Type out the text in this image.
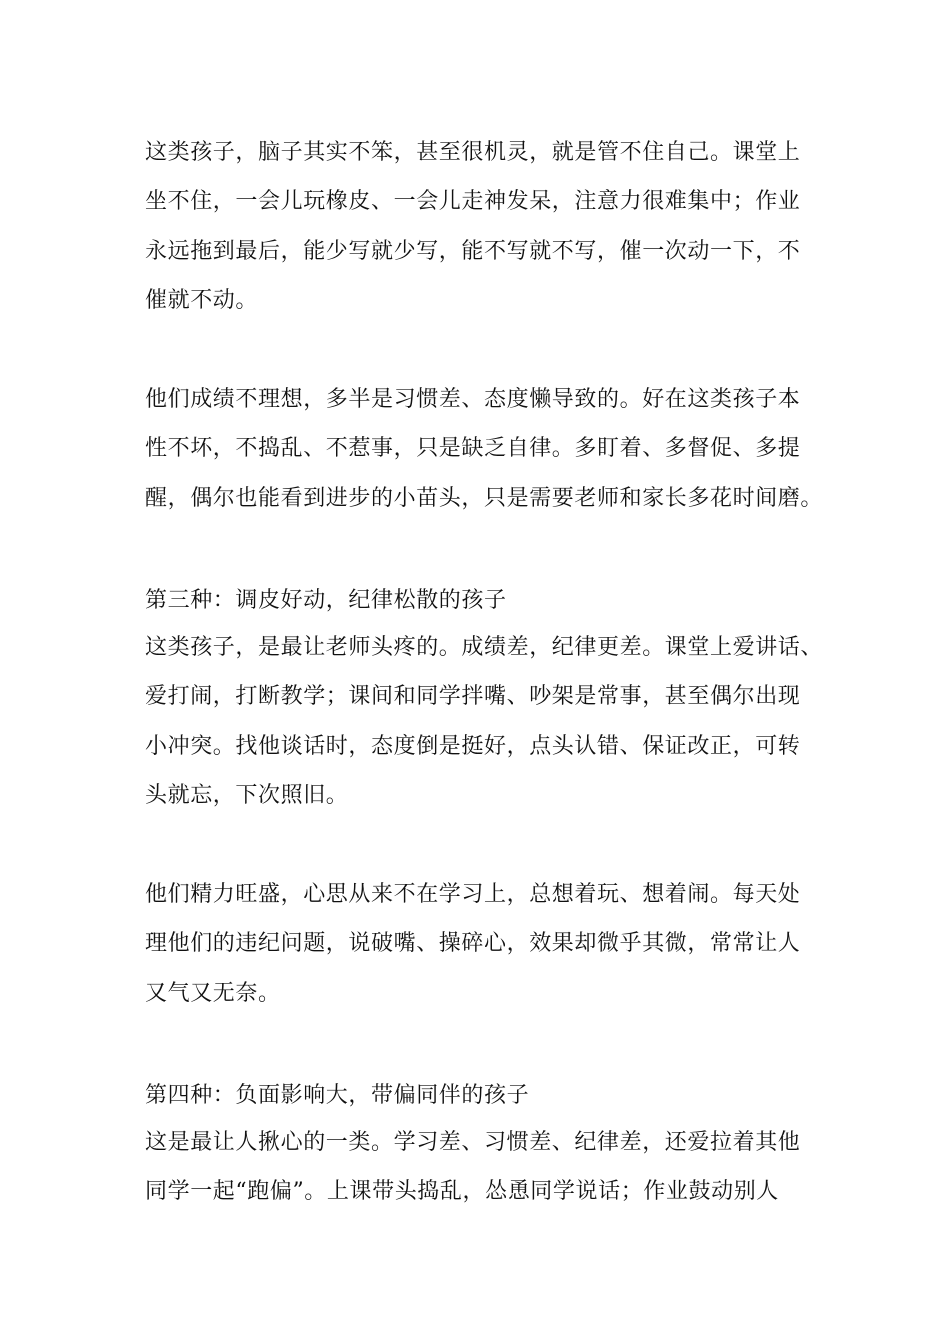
这类孩子，脑子其实不笨，甚至很机灵，就是管不住自己。课堂上
坐不住，一会儿玩橡皮、一会儿走神发呆，注意力很难集中；作业
永远拖到最后，能少写就少写，能不写就不写，催一次动一下，不
催就不动。
他们成绩不理想，多半是习惯差、态度懒导致的。好在这类孩子本
性不坏，不捣乱、不惹事，只是缺乏自律。多盯着、多督促、多提
醒，偶尔也能看到进步的小苗头，只是需要老师和家长多花时间磨。
第三种：调皮好动，纪律松散的孩子
这类孩子，是最让老师头疼的。成绩差，纪律更差。课堂上爱讲话、
爱打闹，打断教学；课间和同学拌嘴、吵架是常事，甚至偶尔出现
小冲突。找他谈话时，态度倒是挺好，点头认错、保证改正，可转
头就忘，下次照旧。
他们精力旺盛，心思从来不在学习上，总想着玩、想着闹。每天处
理他们的违纪问题，说破嘴、操碎心，效果却微乎其微，常常让人
又气又无奈。
第四种：负面影响大，带偏同伴的孩子
这是最让人揪心的一类。学习差、习惯差、纪律差，还爱拉着其他
同学一起“跑偏”。上课带头捣乱，怂恿同学说话；作业鼓动别人
